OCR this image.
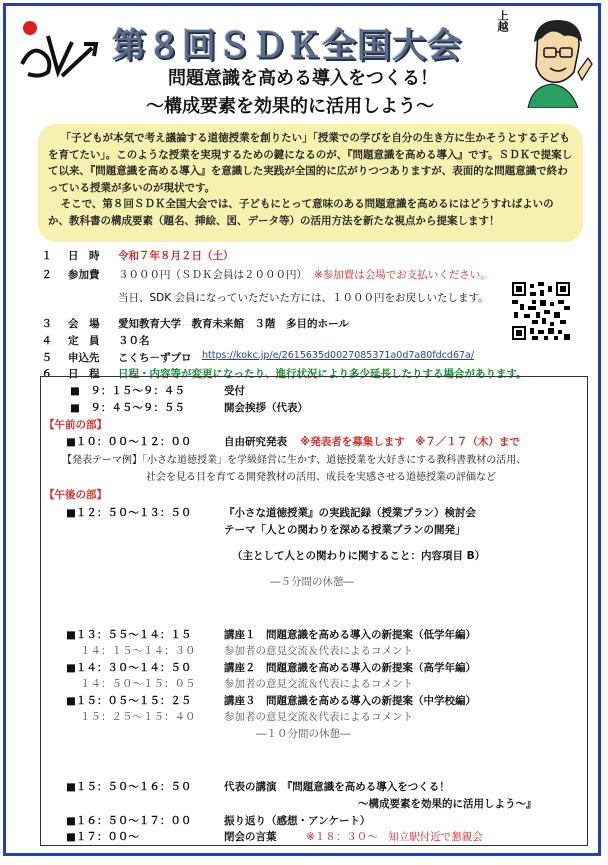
第８回ＳＤＫ全国大会
問題意識を高める導入をつくる！
～構成要素を効果的に活用しよう～
上越

「子どもが本気で考え議論する道徳授業を創りたい」「授業での学びを自分の生き方に生かそうとする子どもを育てたい」。このような授業を実現するための鍵になるのが、『問題意識を高める導入』です。ＳＤＫで提案して以来、『問題意識を高める導入』を意識した実践が全国的に広がりつつありますが、表面的な問題意識で終わっている授業が多いのが現状です。

そこで、第８回ＳＤＫ全国大会では、子どもにとって意味のある問題意識を高めるにはどうすればよいのか、教科書の構成要素（題名、挿絵、図、データ等）の活用方法を新たな視点から提案します！

１ 日　時 令和７年８月２日（土）
２ 参加費 ３０００円（ＳＤＫ会員は２０００円） ※参加費は会場でお支払いください。
当日、SDK 会員になっていただいた方には、１０００円をお戻しいたします。
３ 会　場 愛知教育大学　教育未来館　３階　多目的ホール
４ 定　員 ３０名
５ 申込先 こくち－ずプロ https://kokc.jp/e/2615635d0027085371a0d7a80fdcd67a/
６ 日　程 日程・内容等が変更になったり、進行状況により多少延長したりする場合があります。
■　９：１５～９：４５	受付
■　９：４５～９：５５	開会挨拶（代表）
【午前の部】
■１０：００～１２：００	自由研究発表 ※発表者を募集します　※７／１７（木）まで
【発表テーマ例】「小さな道徳授業」を学級経営に生かす、道徳授業を大好きにする教科書教材の活用、
社会を見る目を育てる開発教材の活用、成長を実感させる道徳授業の評価など
【午後の部】
■１２：５０～１３：５０	『小さな道徳授業』の実践記録（授業プラン）検討会
テーマ「人との関わりを深める授業プランの開発」
（主として人との関わりに関すること：内容項目 B）
―５分間の休憩―
■１３：５５～１４：１５	講座１　問題意識を高める導入の新提案（低学年編）
１４：１５～１４：３０	参加者の意見交流＆代表によるコメント
■１４：３０～１４：５０	講座２　問題意識を高める導入の新提案（高学年編）
１４：５０～１５：０５	参加者の意見交流＆代表によるコメント
■１５：０５～１５：２５	講座３　問題意識を高める導入の新提案（中学校編）
１５：２５～１５：４０	参加者の意見交流＆代表によるコメント
―１０分間の休憩―
■１５：５０～１６：５０	代表の講演　『問題意識を高める導入をつくる！
～構成要素を効果的に活用しよう～』
■１６：５０～１７：００	振り返り（感想・アンケート）
■１７：００～	閉会の言葉	※１８：３０～　知立駅付近で懇親会
